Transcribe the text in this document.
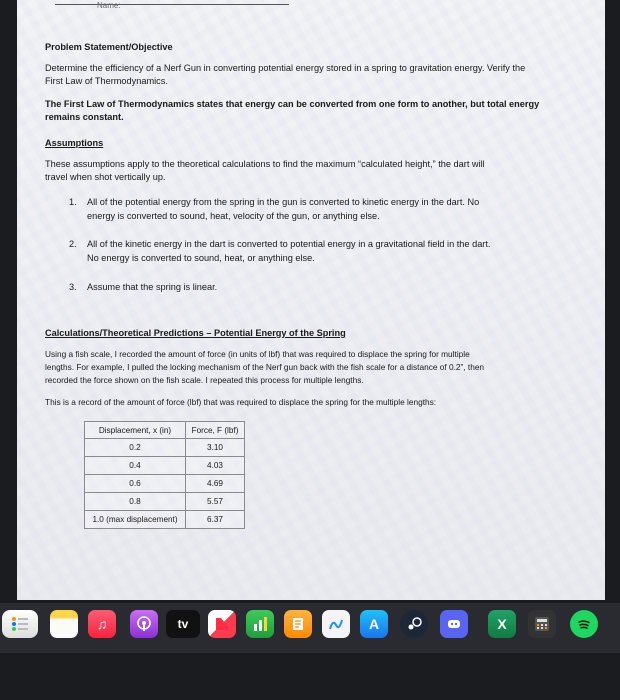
Name:
Problem Statement/Objective
Determine the efficiency of a Nerf Gun in converting potential energy stored in a spring to gravitation energy. Verify the
First Law of Thermodynamics.
The First Law of Thermodynamics states that energy can be converted from one form to another, but total energy
remains constant.
Assumptions
These assumptions apply to the theoretical calculations to find the maximum “calculated height,” the dart will
travel when shot vertically up.
1. All of the potential energy from the spring in the gun is converted to kinetic energy in the dart. No
energy is converted to sound, heat, velocity of the gun, or anything else.
2. All of the kinetic energy in the dart is converted to potential energy in a gravitational field in the dart.
No energy is converted to sound, heat, or anything else.
3. Assume that the spring is linear.
Calculations/Theoretical Predictions – Potential Energy of the Spring
Using a fish scale, I recorded the amount of force (in units of lbf) that was required to displace the spring for multiple
lengths. For example, I pulled the locking mechanism of the Nerf gun back with the fish scale for a distance of 0.2”, then
recorded the force shown on the fish scale. I repeated this process for multiple lengths.
This is a record of the amount of force (lbf) that was required to displace the spring for the multiple lengths:
Displacement, x (in)	Force, F (lbf)
0.2	3.10
0.4	4.03
0.6	4.69
0.8	5.57
1.0 (max displacement)	6.37
♫	tv	A	X
